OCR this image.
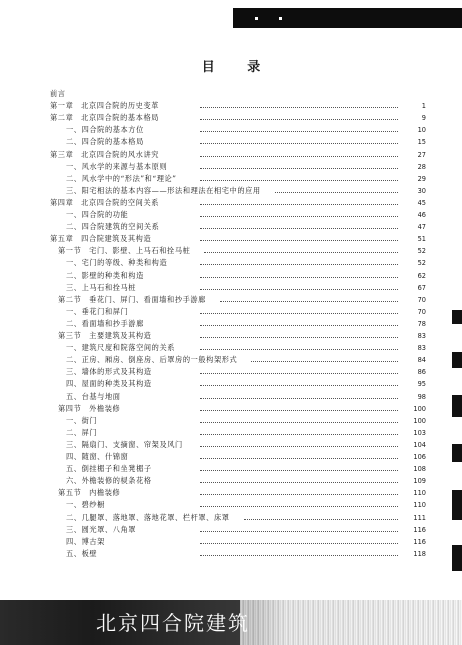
目 录
前言
第一章　北京四合院的历史变革	1
第二章　北京四合院的基本格局	9
一、四合院的基本方位	10
二、四合院的基本格局	15
第三章　北京四合院的风水讲究	27
一、风水学的来源与基本原则	28
二、风水学中的“形法”和“理论”	29
三、阳宅相法的基本内容——形法和理法在相宅中的应用	30
第四章　北京四合院的空间关系	45
一、四合院的功能	46
二、四合院建筑的空间关系	47
第五章　四合院建筑及其构造	51
第一节　宅门、影壁、上马石和拴马桩	52
一、宅门的等级、种类和构造	52
二、影壁的种类和构造	62
三、上马石和拴马桩	67
第二节　垂花门、屏门、看面墙和抄手游廊	70
一、垂花门和屏门	70
二、看面墙和抄手游廊	78
第三节　主要建筑及其构造	83
一、建筑尺度和院落空间的关系	83
二、正房、厢房、倒座房、后罩房的一般构架形式	84
三、墙体的形式及其构造	86
四、屋面的种类及其构造	95
五、台基与地面	98
第四节　外檐装修	100
一、街门	100
二、屏门	103
三、隔扇门、支摘窗、帘架及风门	104
四、随窗、什锦窗	106
五、倒挂楣子和坐凳楣子	108
六、外檐装修的棂条花格	109
第五节　内檐装修	110
一、碧纱橱	110
二、几腿罩、落地罩、落地花罩、栏杆罩、床罩	111
三、圆光罩、八角罩	116
四、博古架	116
五、板壁	118
北京四合院建筑
